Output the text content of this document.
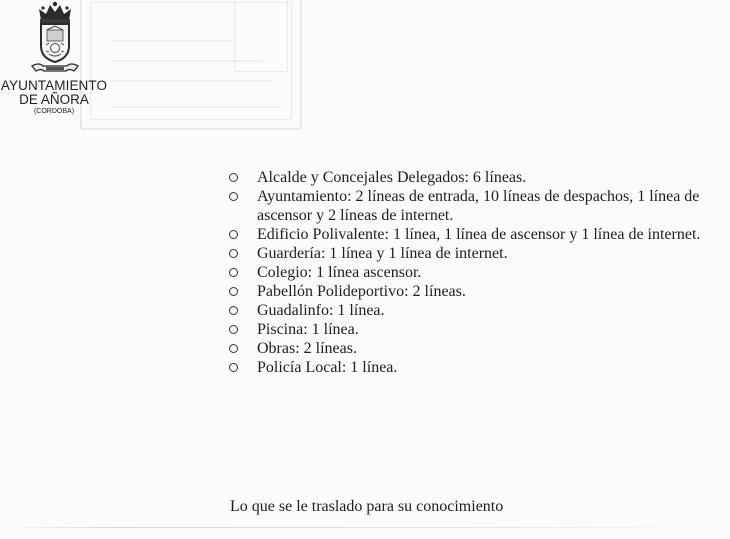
AYUNTAMIENTO
DE AÑORA
(CORDOBA)
Alcalde y Concejales Delegados: 6 líneas.
Ayuntamiento: 2 líneas de entrada, 10 líneas de despachos, 1 línea de ascensor y 2 líneas de internet.
Edificio Polivalente: 1 línea, 1 línea de ascensor y 1 línea de internet.
Guardería: 1 línea y 1 línea de internet.
Colegio: 1 línea ascensor.
Pabellón Polideportivo: 2 líneas.
Guadalinfo: 1 línea.
Piscina: 1 línea.
Obras: 2 líneas.
Policía Local: 1 línea.
Lo que se le traslado para su conocimiento
